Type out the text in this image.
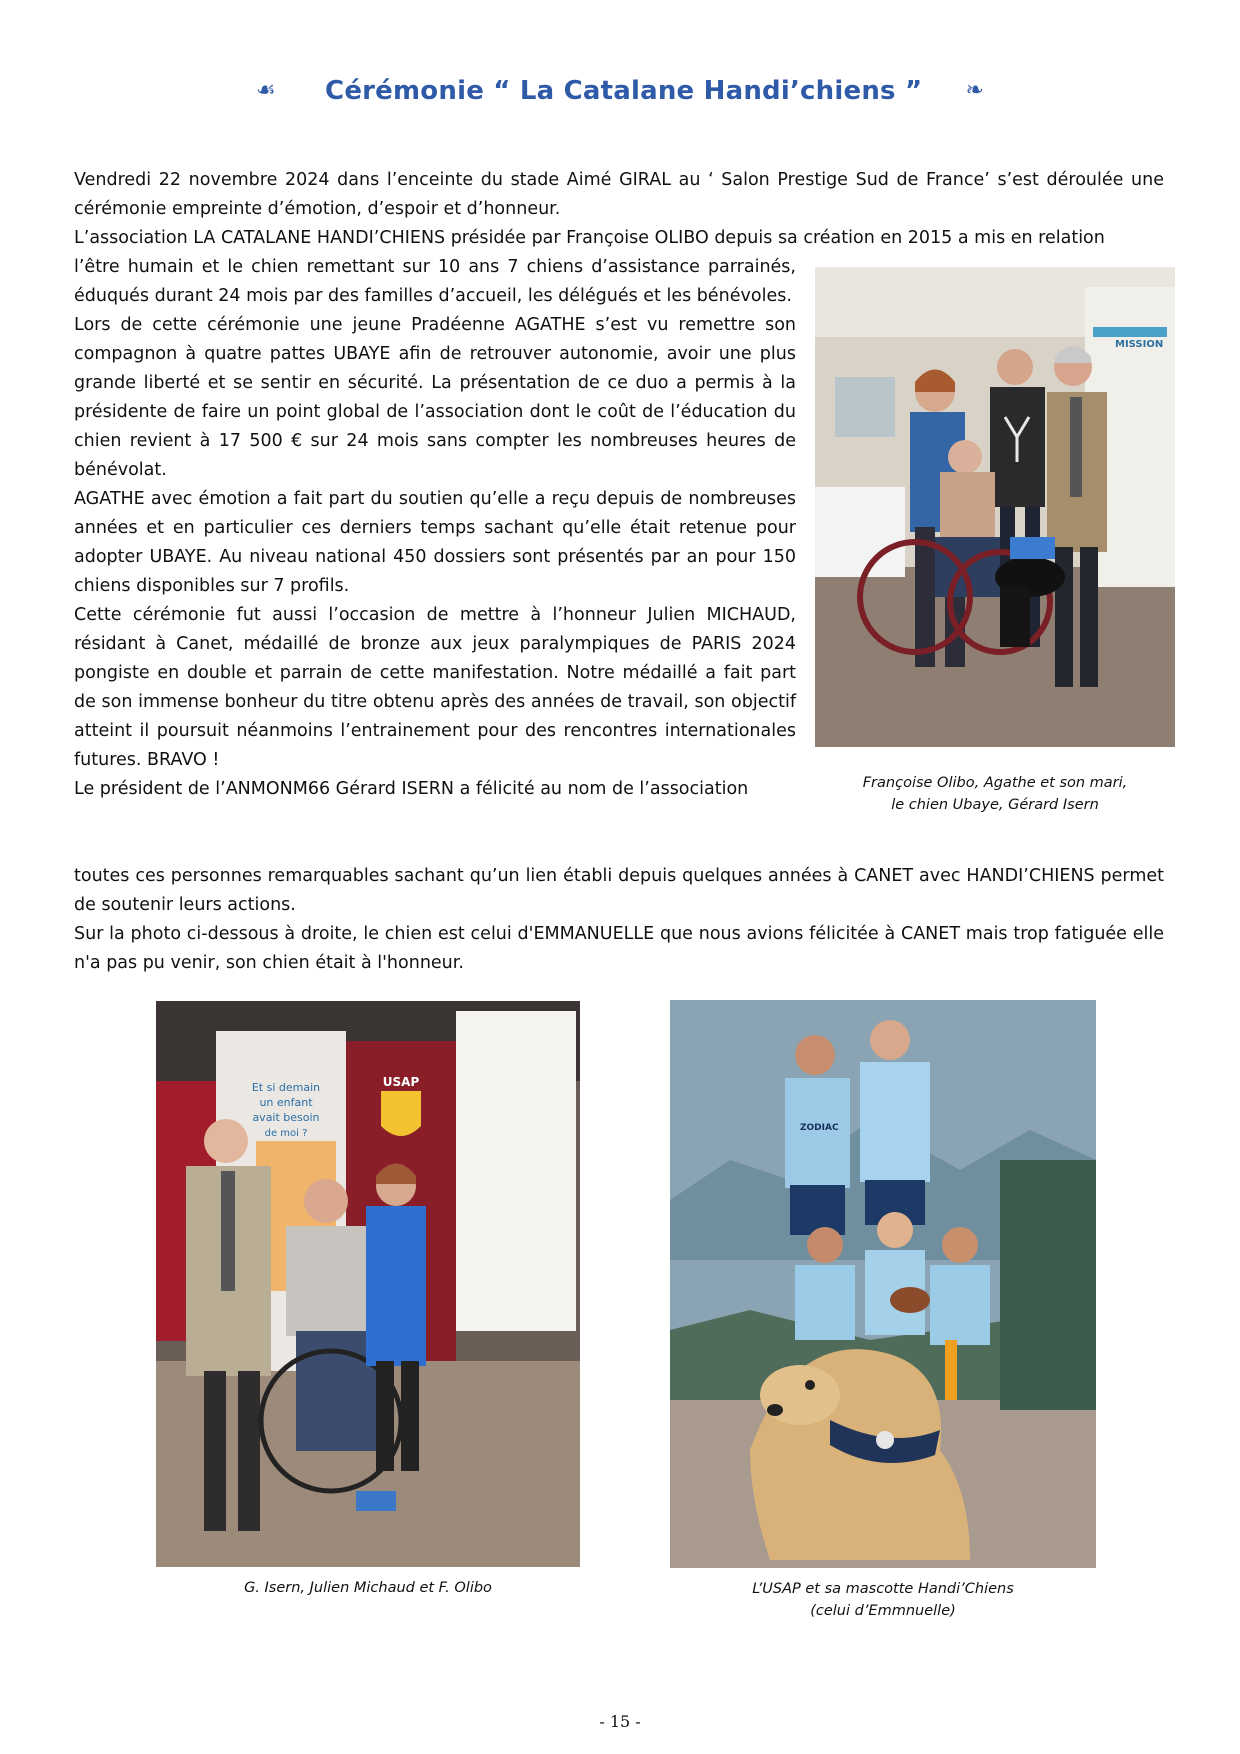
☙ Cérémonie “ La Catalane Handi’chiens ” ❧

Vendredi 22 novembre 2024 dans l’enceinte du stade Aimé GIRAL au ‘ Salon Prestige Sud de France’ s’est déroulée une cérémonie empreinte d’émotion, d’espoir et d’honneur.

L’association LA CATALANE HANDI’CHIENS présidée par Françoise OLIBO depuis sa création en 2015 a mis en relation

l’être humain et le chien remettant sur 10 ans 7 chiens d’assistance parrainés, éduqués durant 24 mois par des familles d’accueil, les délégués et les bénévoles.

Lors de cette cérémonie une jeune Pradéenne AGATHE s’est vu remettre son compagnon à quatre pattes UBAYE afin de retrouver autonomie, avoir une plus grande liberté et se sentir en sécurité. La présentation de ce duo a permis à la présidente de faire un point global de l’association dont le coût de l’éducation du chien revient à 17 500 € sur 24 mois sans compter les nombreuses heures de bénévolat.

AGATHE avec émotion a fait part du soutien qu’elle a reçu depuis de nombreuses années et en particulier ces derniers temps sachant qu’elle était retenue pour adopter UBAYE. Au niveau national 450 dossiers sont présentés par an pour 150 chiens disponibles sur 7 profils.

Cette cérémonie fut aussi l’occasion de mettre à l’honneur Julien MICHAUD, résidant à Canet, médaillé de bronze aux jeux paralympiques de PARIS 2024 pongiste en double et parrain de cette manifestation. Notre médaillé a fait part de son immense bonheur du titre obtenu après des années de travail, son objectif atteint il poursuit néanmoins l’entrainement pour des rencontres internationales futures. BRAVO !

Le président de l’ANMONM66 Gérard ISERN a félicité au nom de l’association

toutes ces personnes remarquables sachant qu’un lien établi depuis quelques années à CANET avec HANDI’CHIENS permet de soutenir leurs actions.

Sur la photo ci-dessous à droite, le chien est celui d'EMMANUELLE que nous avions félicitée à CANET mais trop fatiguée elle n'a pas pu venir, son chien était à l'honneur.

MISSION
Françoise Olibo, Agathe et son mari,
le chien Ubaye, Gérard Isern
Et si demain
un enfant
avait besoin
de moi ?
USAP
G. Isern, Julien Michaud et F. Olibo
ZODIAC
L’USAP et sa mascotte Handi’Chiens
(celui d’Emmnuelle)
- 15 -
